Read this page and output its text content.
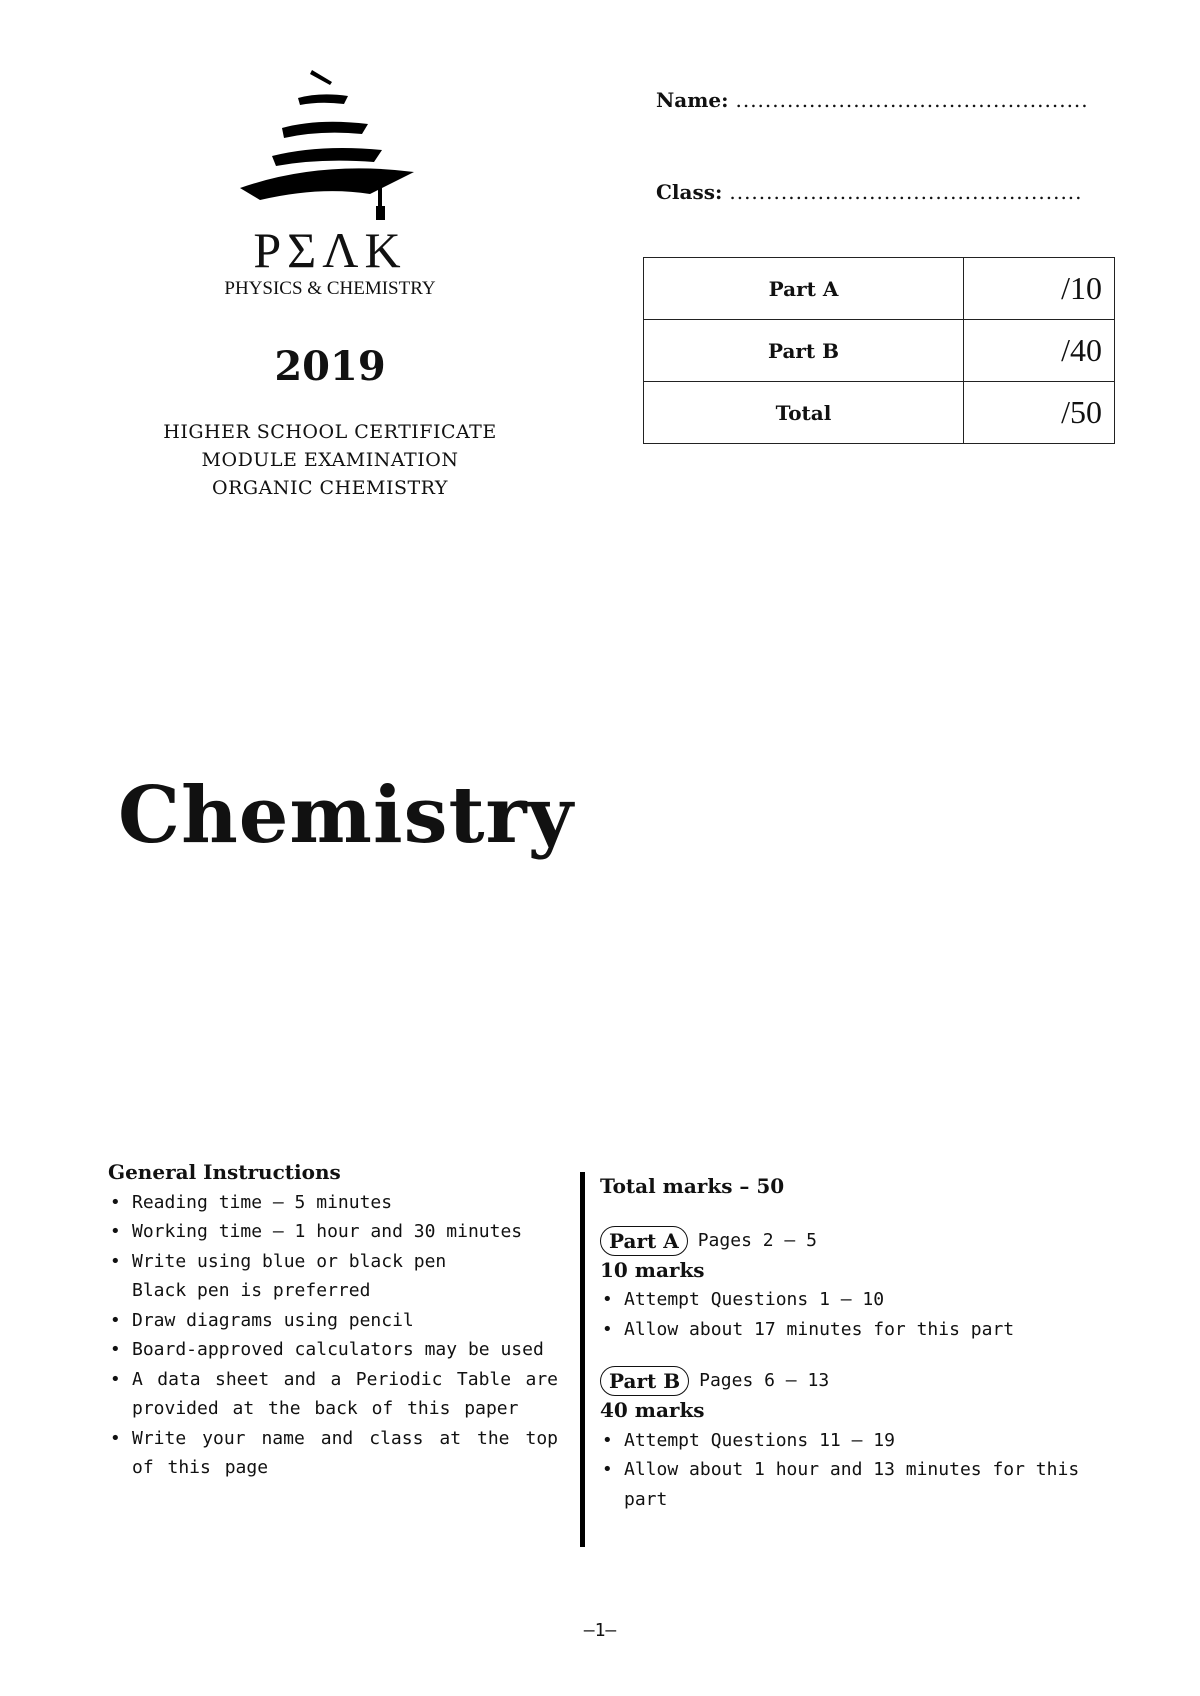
PΣΛK
PHYSICS & CHEMISTRY
2019
HIGHER SCHOOL CERTIFICATE
MODULE EXAMINATION
ORGANIC CHEMISTRY
Name: ................................................
Class: ................................................
Part A	/10
Part B	/40
Total	/50
Chemistry
General Instructions
• Reading time – 5 minutes
• Working time – 1 hour and 30 minutes
• Write using blue or black pen
Black pen is preferred
• Draw diagrams using pencil
• Board-approved calculators may be used
• A data sheet and a Periodic Table are provided at the back of this paper
• Write your name and class at the top of this page
Total marks – 50
Part A	Pages 2 – 5
10 marks
• Attempt Questions 1 – 10
• Allow about 17 minutes for this part
Part B	Pages 6 – 13
40 marks
• Attempt Questions 11 – 19
• Allow about 1 hour and 13 minutes for this part
–1–
